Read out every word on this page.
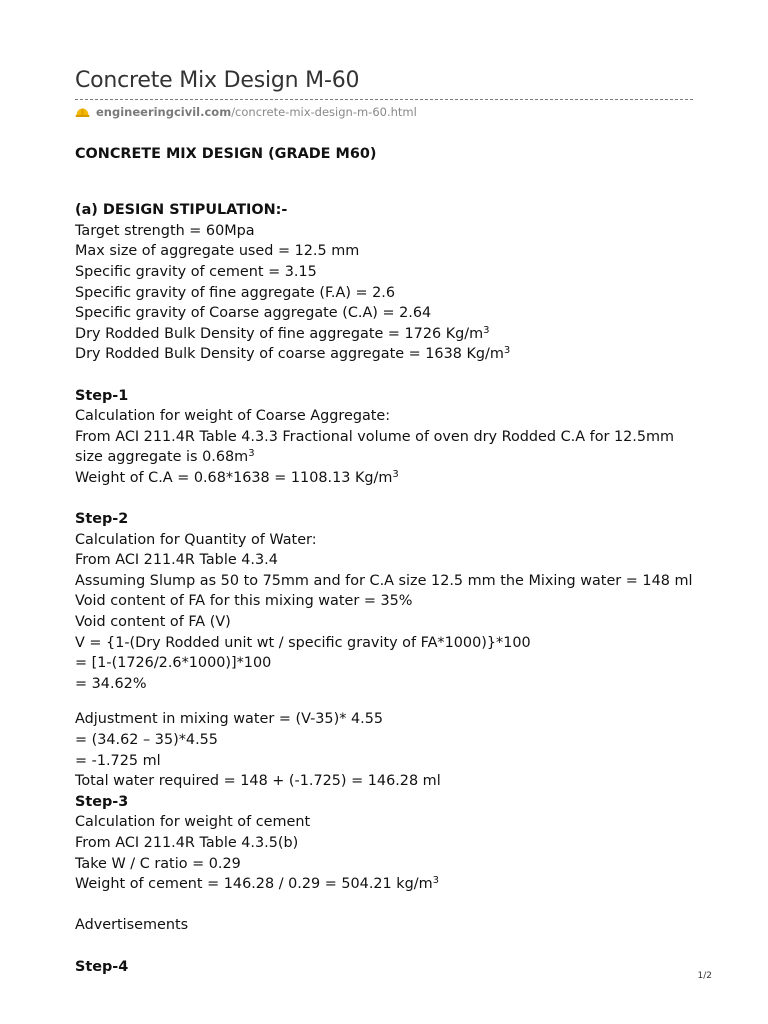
Concrete Mix Design M-60
engineeringcivil.com /concrete-mix-design-m-60.html
CONCRETE MIX DESIGN (GRADE M60)
(a) DESIGN STIPULATION:-
Target strength = 60Mpa
Max size of aggregate used = 12.5 mm
Specific gravity of cement = 3.15
Specific gravity of fine aggregate (F.A) = 2.6
Specific gravity of Coarse aggregate (C.A) = 2.64
Dry Rodded Bulk Density of fine aggregate = 1726 $Kg/m^3$
Dry Rodded Bulk Density of coarse aggregate = 1638 $Kg/m^3$
Step-1
Calculation for weight of Coarse Aggregate:
From ACI 211.4R Table 4.3.3 Fractional volume of oven dry Rodded C.A for 12.5mm size aggregate is $0.68m^3$
Weight of C.A = 0.68*1638 = 1108.13 $Kg/m^3$
Step-2
Calculation for Quantity of Water:
From ACI 211.4R Table 4.3.4
Assuming Slump as 50 to 75mm and for C.A size 12.5 mm the Mixing water = 148 ml
Void content of FA for this mixing water = 35%
Void content of FA (V)
V = {1-(Dry Rodded unit wt / specific gravity of FA*1000)}*100
= [1-(1726/2.6*1000)]*100
= 34.62%
Adjustment in mixing water = (V-35)* 4.55
= (34.62 – 35)*4.55
= -1.725 ml
Total water required = 148 + (-1.725) = 146.28 ml
Step-3
Calculation for weight of cement
From ACI 211.4R Table 4.3.5(b)
Take W / C ratio = 0.29
Weight of cement = 146.28 / 0.29 = 504.21 $kg/m^3$
Advertisements
Step-4
1/2
